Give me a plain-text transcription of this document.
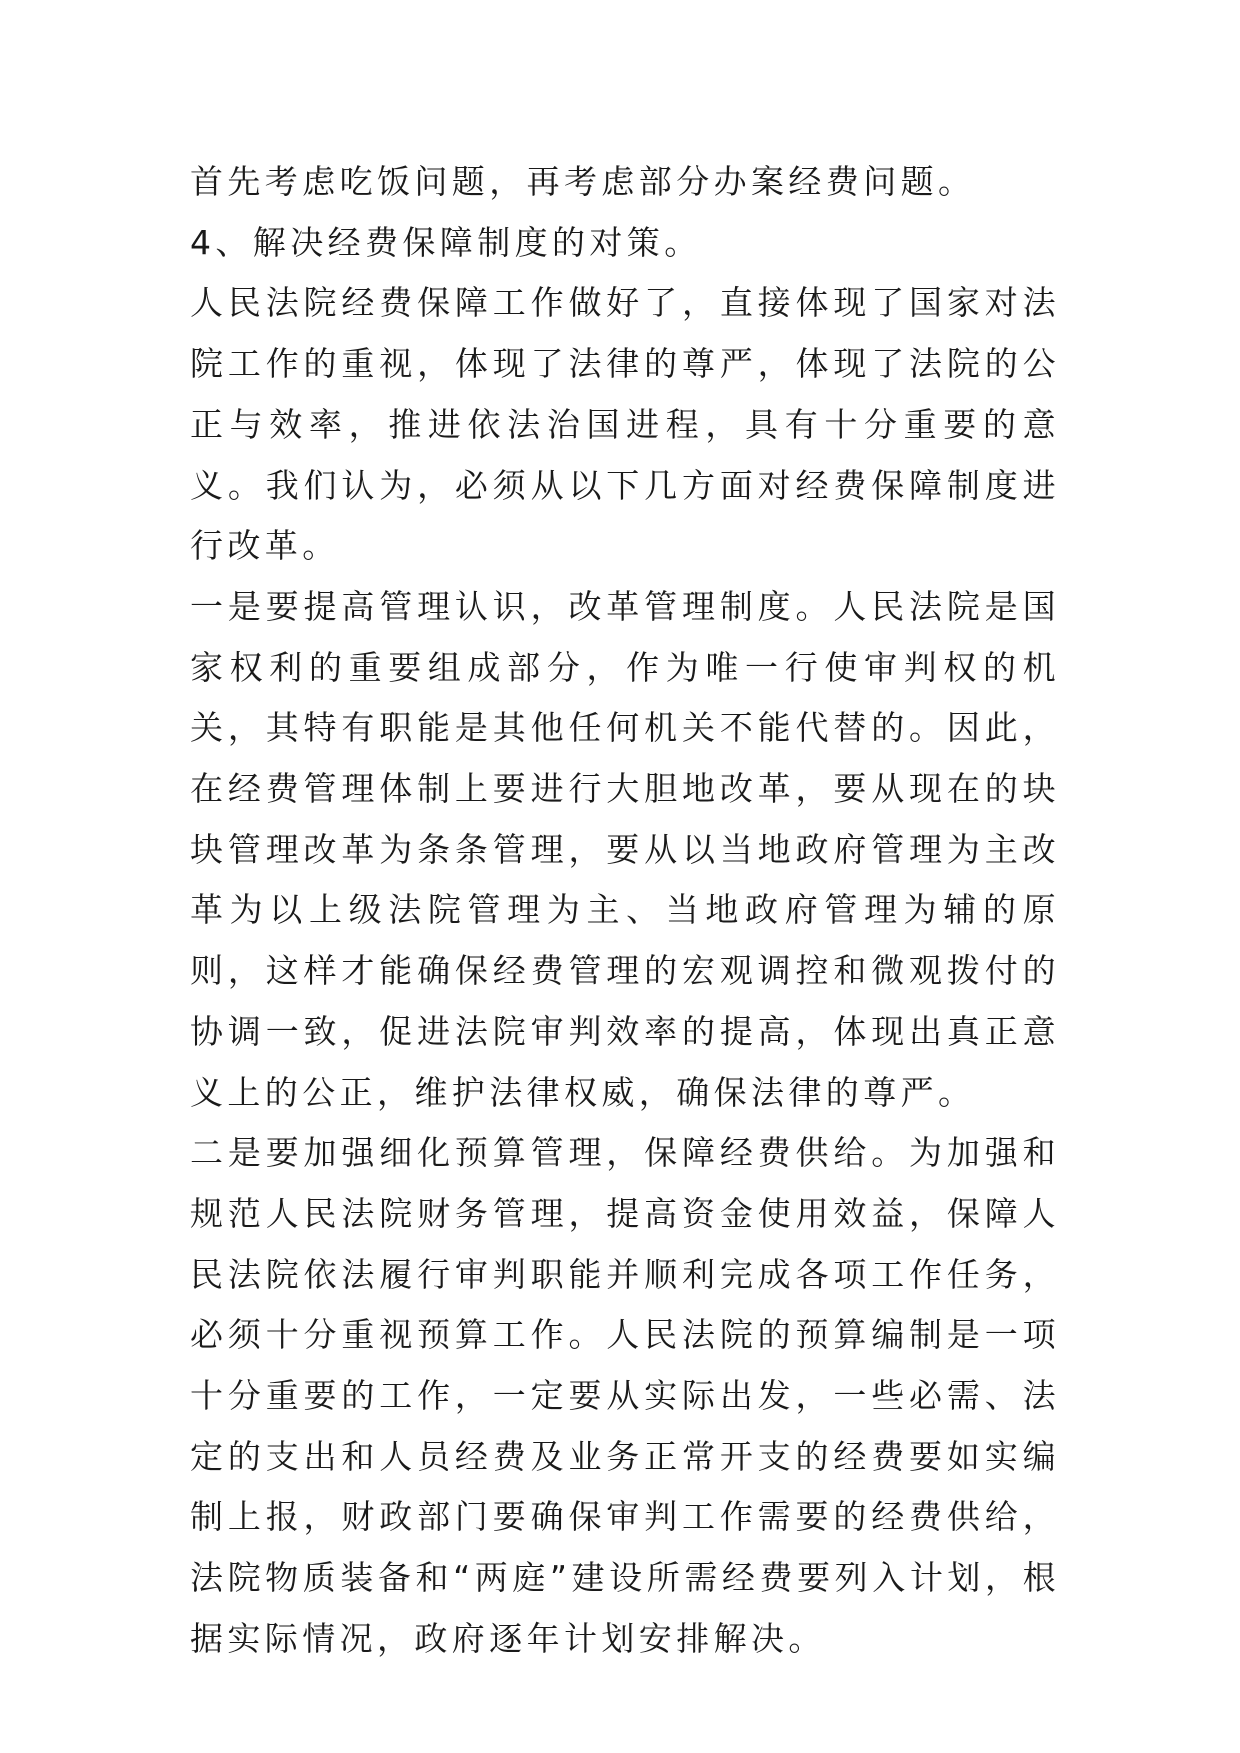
首先考虑吃饭问题，再考虑部分办案经费问题。

4、解决经费保障制度的对策。

人民法院经费保障工作做好了，直接体现了国家对法院工作的重视，体现了法律的尊严，体现了法院的公正与效率，推进依法治国进程，具有十分重要的意义。我们认为，必须从以下几方面对经费保障制度进行改革。

一是要提高管理认识，改革管理制度。人民法院是国家权利的重要组成部分，作为唯一行使审判权的机关，其特有职能是其他任何机关不能代替的。因此，在经费管理体制上要进行大胆地改革，要从现在的块块管理改革为条条管理，要从以当地政府管理为主改革为以上级法院管理为主、当地政府管理为辅的原则，这样才能确保经费管理的宏观调控和微观拨付的协调一致，促进法院审判效率的提高，体现出真正意义上的公正，维护法律权威，确保法律的尊严。

二是要加强细化预算管理，保障经费供给。为加强和规范人民法院财务管理，提高资金使用效益，保障人民法院依法履行审判职能并顺利完成各项工作任务，必须十分重视预算工作。人民法院的预算编制是一项十分重要的工作，一定要从实际出发，一些必需、法定的支出和人员经费及业务正常开支的经费要如实编制上报，财政部门要确保审判工作需要的经费供给，法院物质装备和“两庭”建设所需经费要列入计划，根据实际情况，政府逐年计划安排解决。
